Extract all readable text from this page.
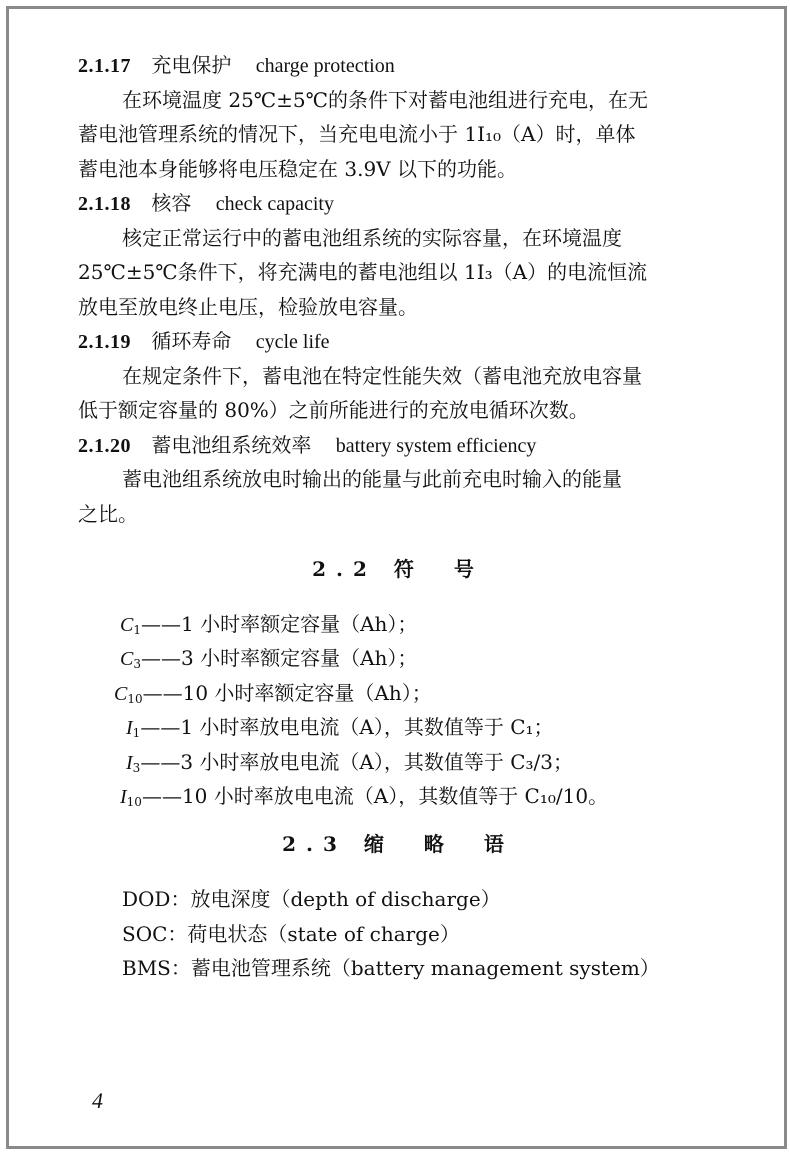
2.1.17 充电保护 charge protection
在环境温度 25℃±5℃的条件下对蓄电池组进行充电，在无
蓄电池管理系统的情况下，当充电电流小于 1I₁₀（A）时，单体
蓄电池本身能够将电压稳定在 3.9V 以下的功能。
2.1.18 核容 check capacity
核定正常运行中的蓄电池组系统的实际容量，在环境温度
25℃±5℃条件下，将充满电的蓄电池组以 1I₃（A）的电流恒流
放电至放电终止电压，检验放电容量。
2.1.19 循环寿命 cycle life
在规定条件下，蓄电池在特定性能失效（蓄电池充放电容量
低于额定容量的 80%）之前所能进行的充放电循环次数。
2.1.20 蓄电池组系统效率 battery system efficiency
蓄电池组系统放电时输出的能量与此前充电时输入的能量
之比。
2.2 符　号
$C_1——1$ 小时率额定容量（Ah）；
$C_3——3$ 小时率额定容量（Ah）；
$C_{10}——10$ 小时率额定容量（Ah）；
$I_1——1$ 小时率放电电流（A），其数值等于 C₁；
$I_3——3$ 小时率放电电流（A），其数值等于 C₃/3；
$I_{10}——10$ 小时率放电电流（A），其数值等于 C₁₀/10。
2.3 缩　略　语
DOD：放电深度（depth of discharge）
SOC：荷电状态（state of charge）
BMS：蓄电池管理系统（battery management system）
4
